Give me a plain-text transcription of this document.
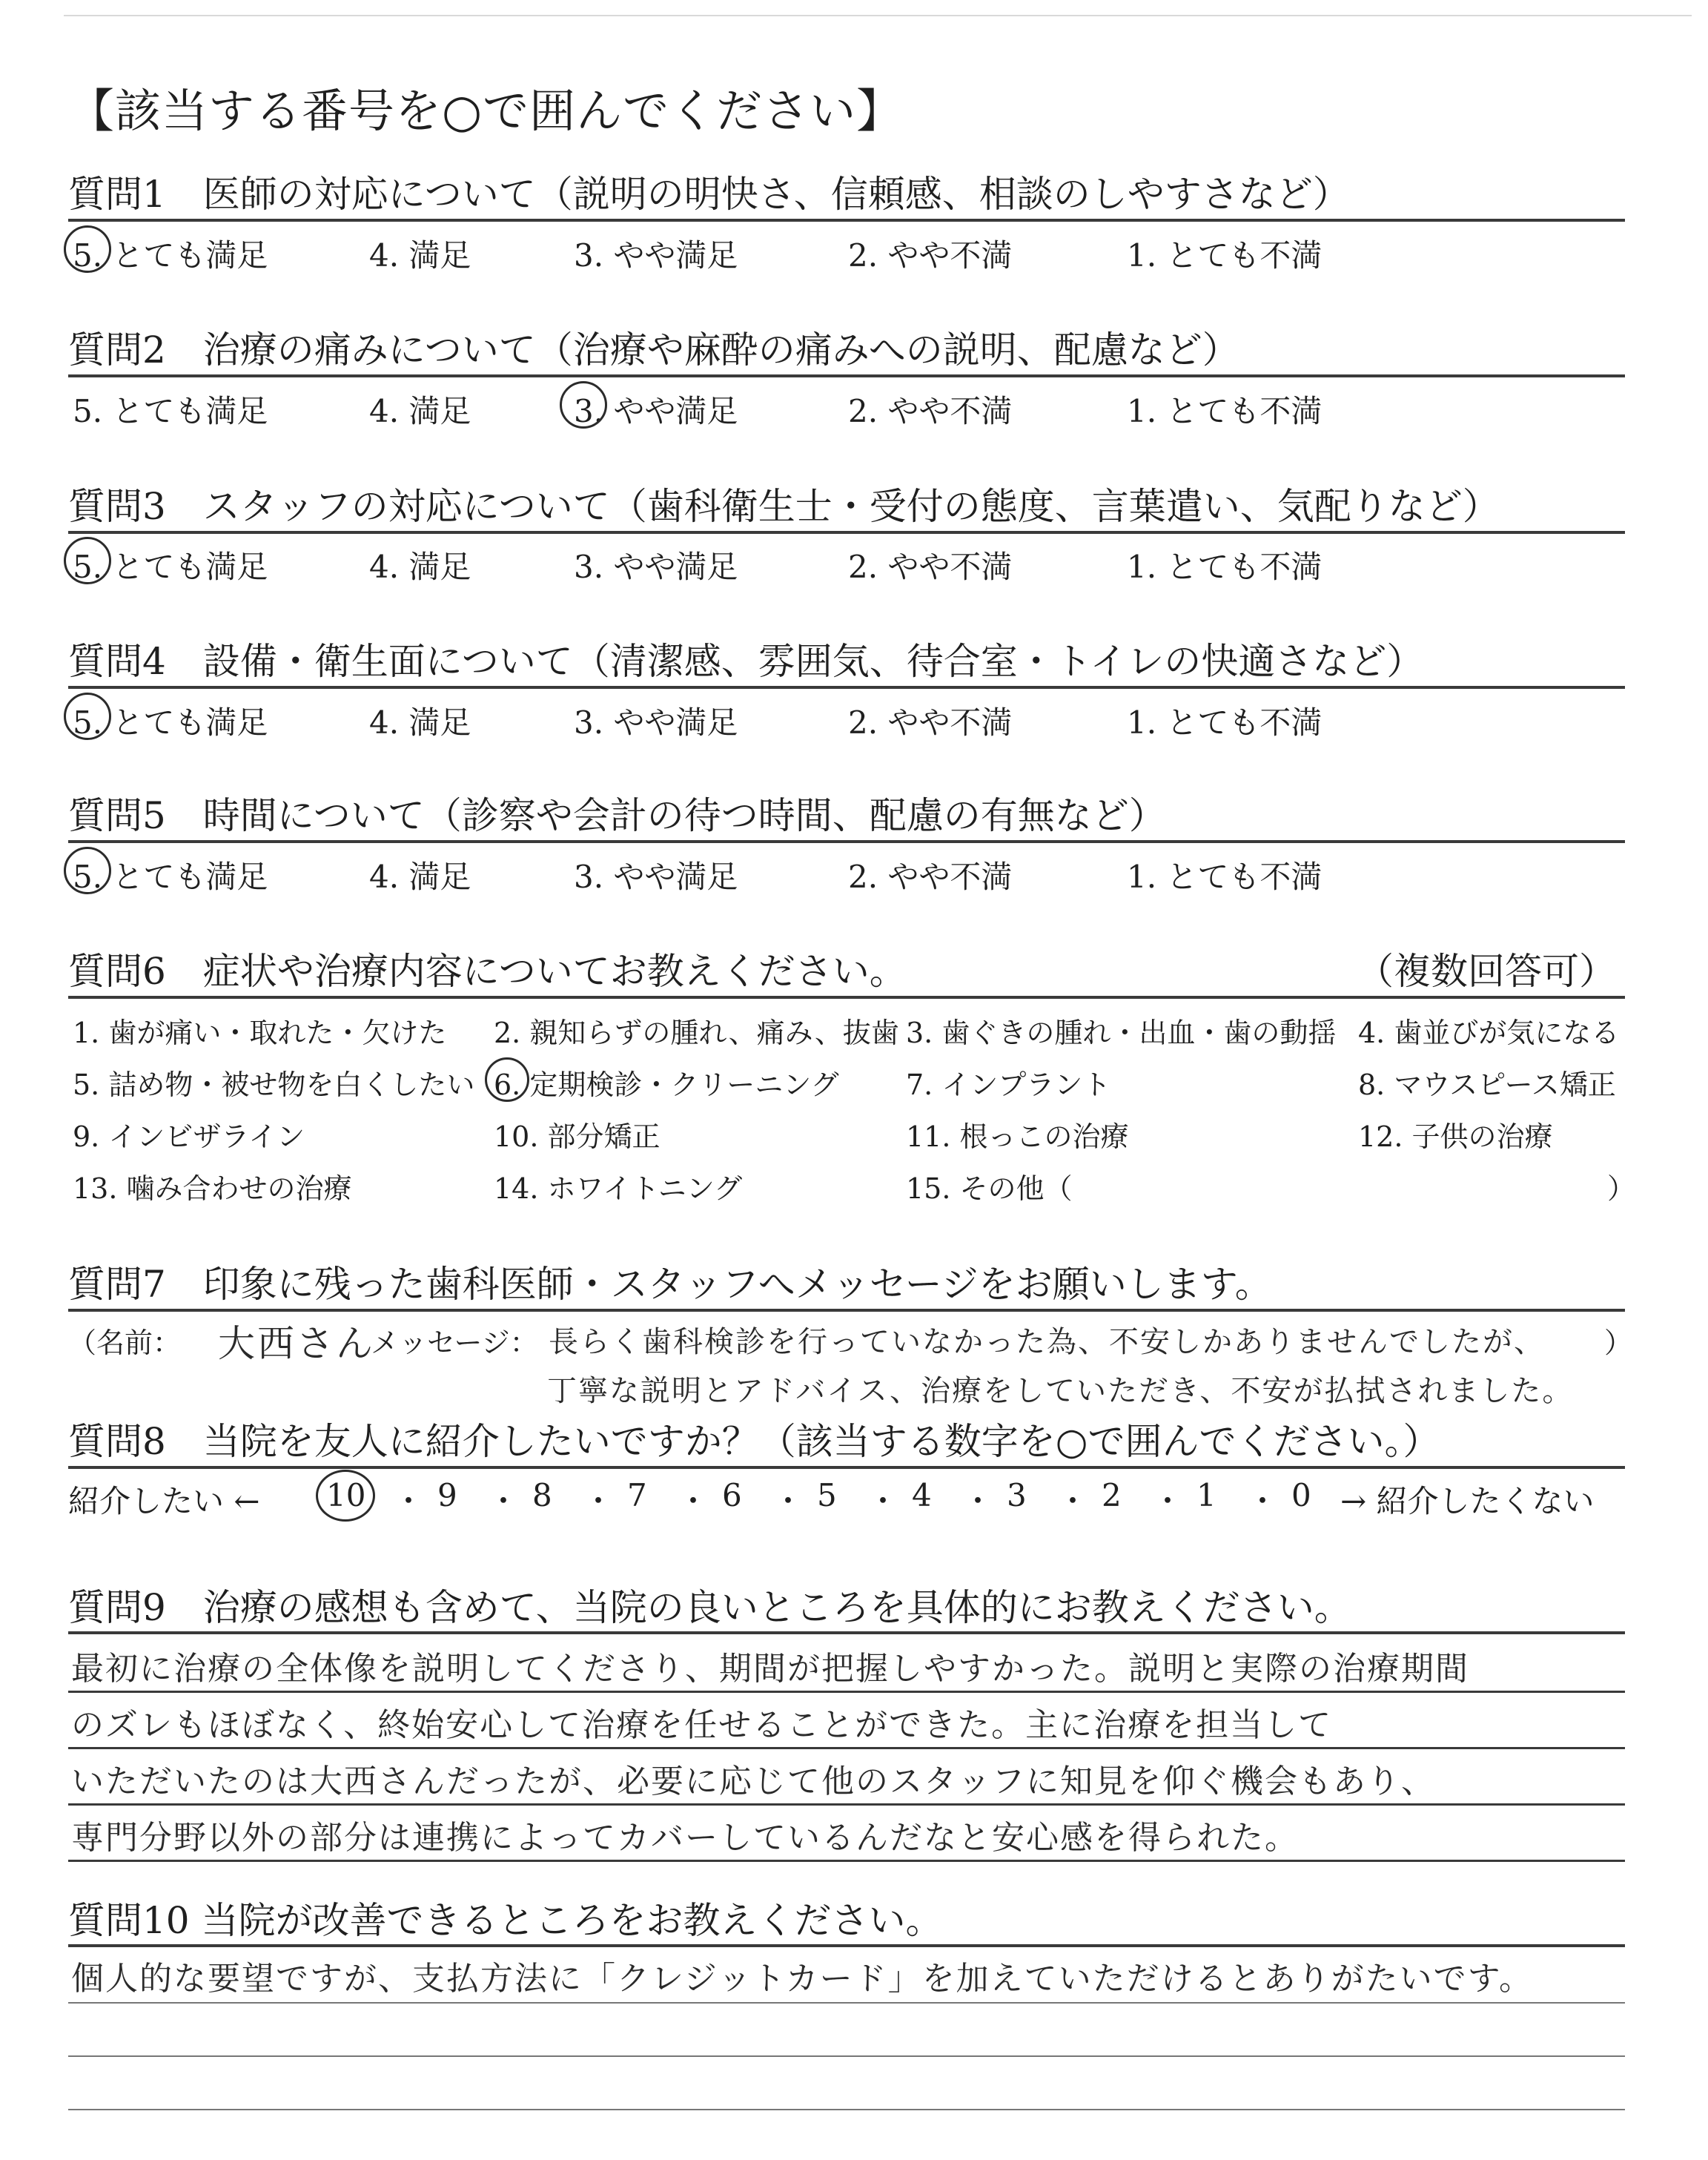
【該当する番号を○で囲んでください】
質問1　医師の対応について（説明の明快さ、信頼感、相談のしやすさなど）
5. とても満足	4. 満足	3. やや満足	2. やや不満	1. とても不満
質問2　治療の痛みについて（治療や麻酔の痛みへの説明、配慮など）
5. とても満足	4. 満足	3. やや満足	2. やや不満	1. とても不満
質問3　スタッフの対応について（歯科衛生士・受付の態度、言葉遣い、気配りなど）
5. とても満足	4. 満足	3. やや満足	2. やや不満	1. とても不満
質問4　設備・衛生面について（清潔感、雰囲気、待合室・トイレの快適さなど）
5. とても満足	4. 満足	3. やや満足	2. やや不満	1. とても不満
質問5　時間について（診察や会計の待つ時間、配慮の有無など）
5. とても満足	4. 満足	3. やや満足	2. やや不満	1. とても不満
質問6　症状や治療内容についてお教えください。	（複数回答可）
1. 歯が痛い・取れた・欠けた 2. 親知らずの腫れ、痛み、抜歯 3. 歯ぐきの腫れ・出血・歯の動揺 4. 歯並びが気になる
5. 詰め物・被せ物を白くしたい 6. 定期検診・クリーニング 7. インプラント	8. マウスピース矯正
9. インビザライン	10. 部分矯正	11. 根っこの治療	12. 子供の治療
13. 噛み合わせの治療	14. ホワイトニング	15. その他（	）
質問7　印象に残った歯科医師・スタッフへメッセージをお願いします。
（名前： 大西さん
メッセージ： 長らく歯科検診を行っていなかった為、不安しかありませんでしたが、 ）
丁寧な説明とアドバイス、治療をしていただき、不安が払拭されました。
質問8　当院を友人に紹介したいですか？（該当する数字を○で囲んでください。）
紹介したい ← 10 ・ 9 ・ 8 ・ 7 ・ 6 ・ 5 ・ 4 ・ 3 ・ 2 ・ 1 ・ 0 → 紹介したくない
質問9　治療の感想も含めて、当院の良いところを具体的にお教えください。
最初に治療の全体像を説明してくださり、期間が把握しやすかった。説明と実際の治療期間
のズレもほぼなく、終始安心して治療を任せることができた。主に治療を担当して
いただいたのは大西さんだったが、必要に応じて他のスタッフに知見を仰ぐ機会もあり、
専門分野以外の部分は連携によってカバーしているんだなと安心感を得られた。
質問10 当院が改善できるところをお教えください。
個人的な要望ですが、支払方法に「クレジットカード」を加えていただけるとありがたいです。
